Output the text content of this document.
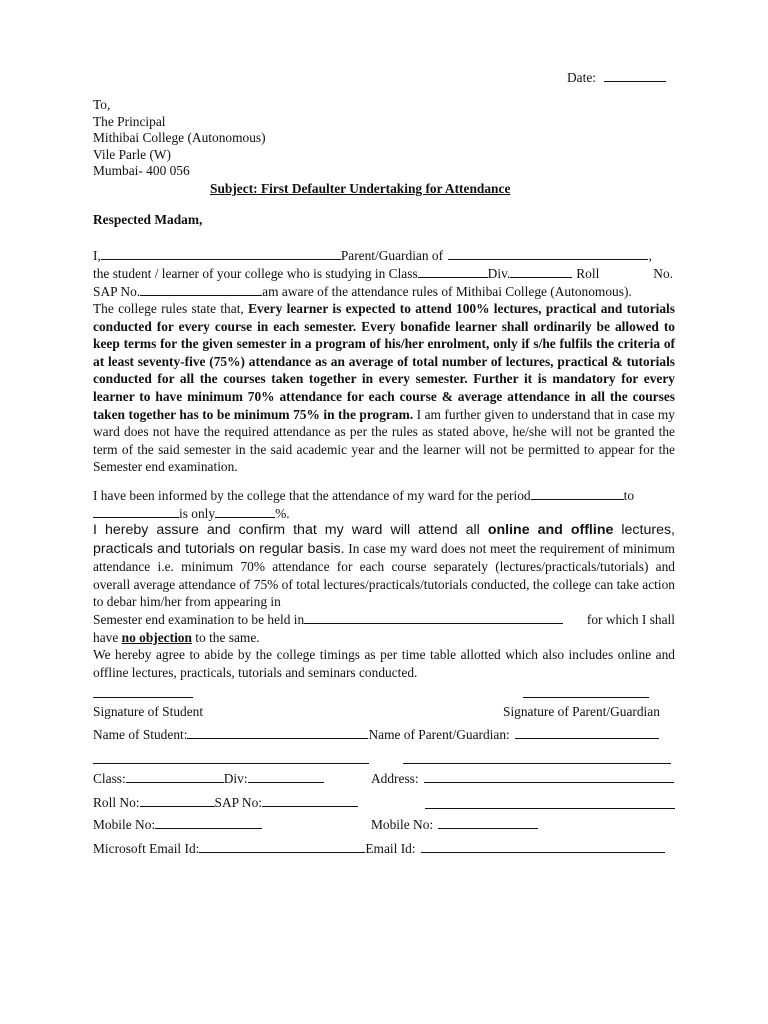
Date:
To,
The Principal
Mithibai College (Autonomous)
Vile Parle (W)
Mumbai- 400 056
Subject: First Defaulter Undertaking for Attendance
Respected Madam,
I,	Parent/Guardian of	,
the student / learner of your college who is studying in Class	Div.	Roll	No.
SAP No.	am aware of the attendance rules of Mithibai College (Autonomous).
The college rules state that, Every learner is expected to attend 100% lectures, practical and tutorials conducted for every course in each semester. Every bonafide learner shall ordinarily be allowed to keep terms for the given semester in a program of his/her enrolment, only if s/he fulfils the criteria of at least seventy-five (75%) attendance as an average of total number of lectures, practical & tutorials conducted for all the courses taken together in every semester. Further it is mandatory for every learner to have minimum 70% attendance for each course & average attendance in all the courses taken together has to be minimum 75% in the program. I am further given to understand that in case my ward does not have the required attendance as per the rules as stated above, he/she will not be granted the term of the said semester in the said academic year and the learner will not be permitted to appear for the Semester end examination.
I have been informed by the college that the attendance of my ward for the period	to
is only	%.
I hereby assure and confirm that my ward will attend all online and offline lectures, practicals and tutorials on regular basis. In case my ward does not meet the requirement of minimum attendance i.e. minimum 70% attendance for each course separately (lectures/practicals/tutorials) and overall average attendance of 75% of total lectures/practicals/tutorials conducted, the college can take action to debar him/her from appearing in
Semester end examination to be held in	for which I shall
have no objection to the same.
We hereby agree to abide by the college timings as per time table allotted which also includes online and offline lectures, practicals, tutorials and seminars conducted.
Signature of Student	Signature of Parent/Guardian
Name of Student:	Name of Parent/Guardian:
Class:	Div:	Address:
Roll No:	SAP No:
Mobile No:	Mobile No:
Microsoft Email Id:	Email Id:
